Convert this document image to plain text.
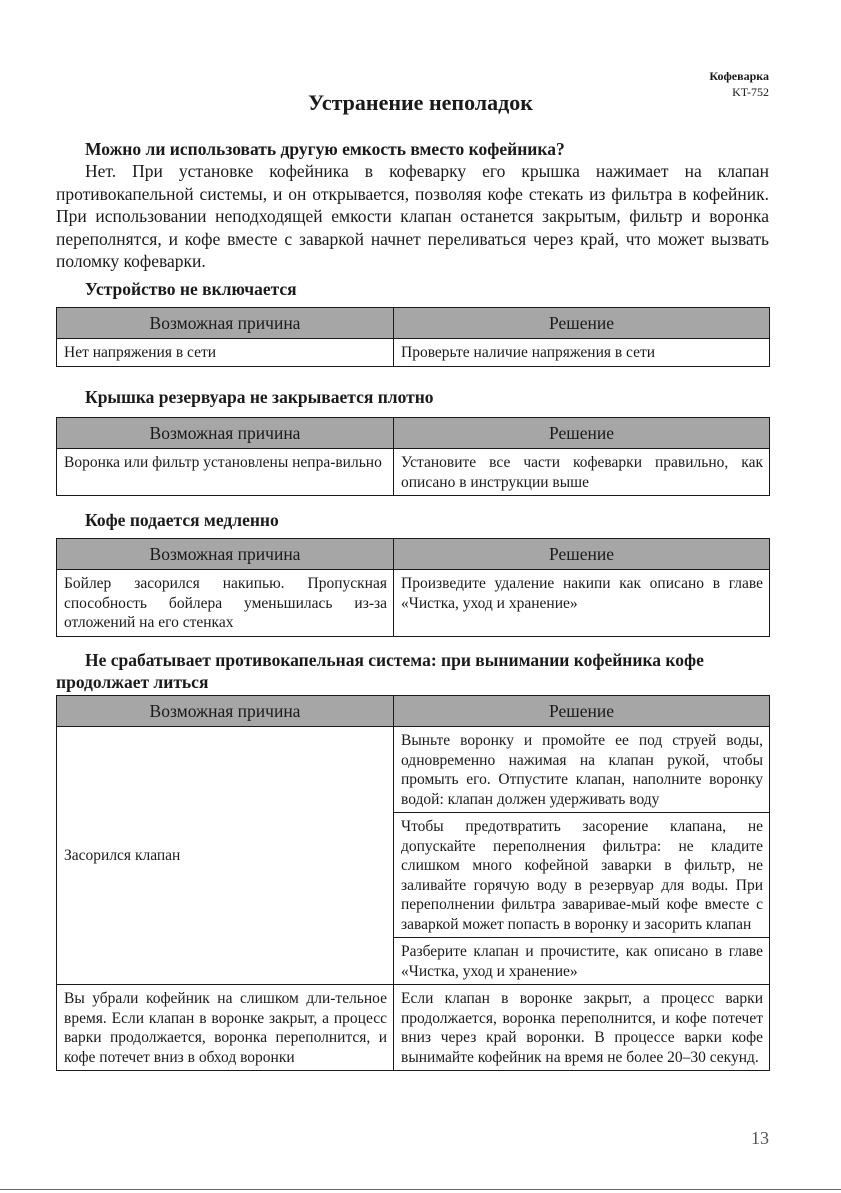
Кофеварка
KT-752
Устранение неполадок
Можно ли использовать другую емкость вместо кофейника?

Нет. При установке кофейника в кофеварку его крышка нажимает на клапан противокапельной системы, и он открывается, позволяя кофе стекать из фильтра в кофейник. При использовании неподходящей емкости клапан останется закрытым, фильтр и воронка переполнятся, и кофе вместе с заваркой начнет переливаться через край, что может вызвать поломку кофеварки.

Устройство не включается
Возможная причина	Решение
Нет напряжения в сети	Проверьте наличие напряжения в сети
Крышка резервуара не закрывается плотно
Возможная причина	Решение
Воронка или фильтр установлены непра-вильно	Установите все части кофеварки правильно, как описано в инструкции выше
Кофе подается медленно
Возможная причина	Решение
Бойлер засорился накипью. Пропускная способность бойлера уменьшилась из-за отложений на его стенках	Произведите удаление накипи как описано в главе «Чистка, уход и хранение»
Не срабатывает противокапельная система: при вынимании кофейника кофе продолжает литься
Возможная причина	Решение
Засорился клапан	Выньте воронку и промойте ее под струей воды, одновременно нажимая на клапан рукой, чтобы промыть его. Отпустите клапан, наполните воронку водой: клапан должен удерживать воду
	Чтобы предотвратить засорение клапана, не допускайте переполнения фильтра: не кладите слишком много кофейной заварки в фильтр, не заливайте горячую воду в резервуар для воды. При переполнении фильтра заваривае-мый кофе вместе с заваркой может попасть в воронку и засорить клапан
	Разберите клапан и прочистите, как описано в главе «Чистка, уход и хранение»
Вы убрали кофейник на слишком дли-тельное время. Если клапан в воронке закрыт, а процесс варки продолжается, воронка переполнится, и кофе потечет вниз в обход воронки	Если клапан в воронке закрыт, а процесс варки продолжается, воронка переполнится, и кофе потечет вниз через край воронки. В процессе варки кофе вынимайте кофейник на время не более 20–30 секунд.
13
